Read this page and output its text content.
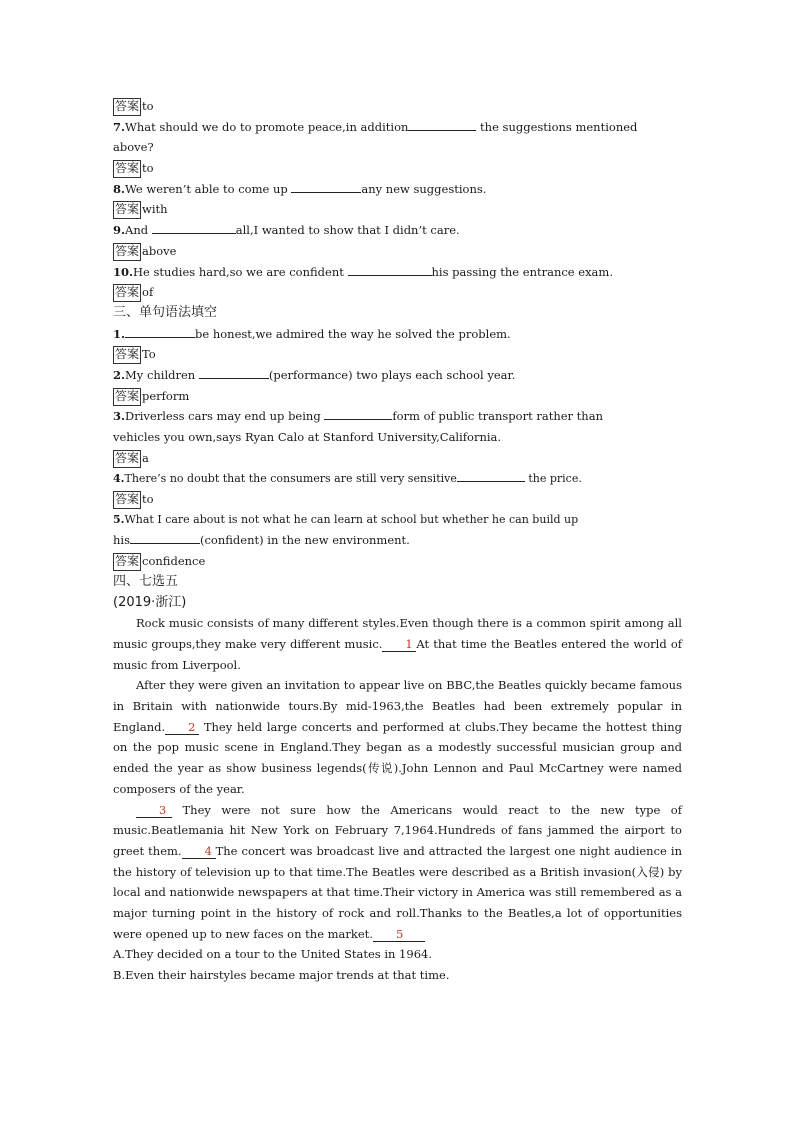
答案 to
7.What should we do to promote peace,in addition	the suggestions mentioned
above?
答案 to
8.We weren’t able to come up	any new suggestions.
答案 with
9.And	all,I wanted to show that I didn’t care.
答案 above
10.He studies hard,so we are confident	his passing the entrance exam.
答案 of
三、单句语法填空
1.	be honest,we admired the way he solved the problem.
答案 To
2.My children	(performance) two plays each school year.
答案 perform
3.Driverless cars may end up being	form of public transport rather than
vehicles you own,says Ryan Calo at Stanford University,California.
答案 a
4.There’s no doubt that the consumers are still very sensitive	the price.
答案 to
5.What I care about is not what he can learn at school but whether he can build up
his	(confident) in the new environment.
答案 confidence
四、七选五
(2019·浙江)
Rock music consists of many different styles.Even though there is a common spirit among all music groups,they make very different music. 1 At that time the Beatles entered the world of music from Liverpool.
After they were given an invitation to appear live on BBC,the Beatles quickly became famous in Britain with nationwide tours.By mid-1963,the Beatles had been extremely popular in England. 2 They held large concerts and performed at clubs.They became the hottest thing on the pop music scene in England.They began as a modestly successful musician group and ended the year as show business legends(传说).John Lennon and Paul McCartney were named composers of the year.
3 They were not sure how the Americans would react to the new type of music.Beatlemania hit New York on February 7,1964.Hundreds of fans jammed the airport to greet them. 4 The concert was broadcast live and attracted the largest one night audience in the history of television up to that time.The Beatles were described as a British invasion(入侵) by local and nationwide newspapers at that time.Their victory in America was still remembered as a major turning point in the history of rock and roll.Thanks to the Beatles,a lot of opportunities were opened up to new faces on the market. 5
A.They decided on a tour to the United States in 1964.
B.Even their hairstyles became major trends at that time.
